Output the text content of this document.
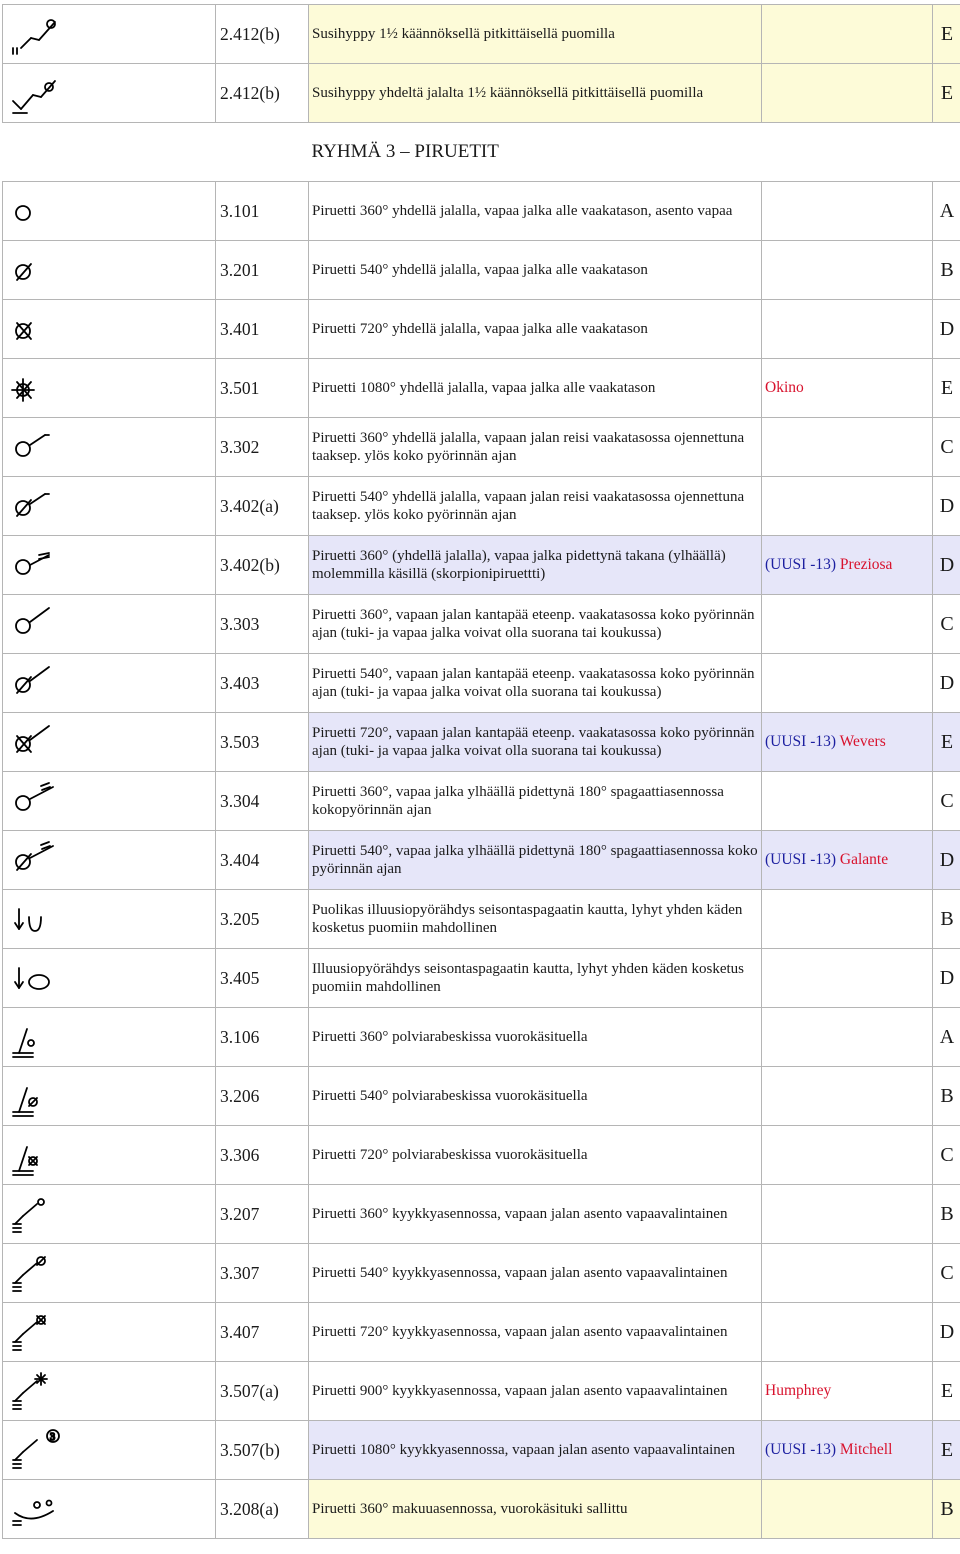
	2.412(b)	Susihyppy 1½ käännöksellä pitkittäisellä puomilla		E

	2.412(b)	Susihyppy yhdeltä jalalta 1½ käännöksellä pitkittäisellä puomilla		E
		RYHMÄ 3 – PIRUETIT		

	3.101	Piruetti 360° yhdellä jalalla, vapaa jalka alle vaakatason, asento vapaa		A

	3.201	Piruetti 540° yhdellä jalalla, vapaa jalka alle vaakatason		B

	3.401	Piruetti 720° yhdellä jalalla, vapaa jalka alle vaakatason		D

	3.501	Piruetti 1080° yhdellä jalalla, vapaa jalka alle vaakatason	Okino	E

	3.302	Piruetti 360° yhdellä jalalla, vapaan jalan reisi vaakatasossa ojennettuna taaksep. ylös koko pyörinnän ajan		C

	3.402(a)	Piruetti 540° yhdellä jalalla, vapaan jalan reisi vaakatasossa ojennettuna taaksep. ylös koko pyörinnän ajan		D

	3.402(b)	Piruetti 360° (yhdellä jalalla), vapaa jalka pidettynä takana (ylhäällä) molemmilla käsillä (skorpionipiruettti)	(UUSI -13) Preziosa	D

	3.303	Piruetti 360°, vapaan jalan kantapää eteenp. vaakatasossa koko pyörinnän ajan (tuki- ja vapaa jalka voivat olla suorana tai koukussa)		C

	3.403	Piruetti 540°, vapaan jalan kantapää eteenp. vaakatasossa koko pyörinnän ajan (tuki- ja vapaa jalka voivat olla suorana tai koukussa)		D

	3.503	Piruetti 720°, vapaan jalan kantapää eteenp. vaakatasossa koko pyörinnän ajan (tuki- ja vapaa jalka voivat olla suorana tai koukussa)	(UUSI -13) Wevers	E

	3.304	Piruetti 360°, vapaa jalka ylhäällä pidettynä 180° spagaattiasennossa kokopyörinnän ajan		C

	3.404	Piruetti 540°, vapaa jalka ylhäällä pidettynä 180° spagaattiasennossa koko pyörinnän ajan	(UUSI -13) Galante	D

	3.205	Puolikas illuusiopyörähdys seisontaspagaatin kautta, lyhyt yhden käden kosketus puomiin mahdollinen		B

	3.405	Illuusiopyörähdys seisontaspagaatin kautta, lyhyt yhden käden kosketus puomiin mahdollinen		D

	3.106	Piruetti 360° polviarabeskissa vuorokäsituella		A

	3.206	Piruetti 540° polviarabeskissa vuorokäsituella		B

	3.306	Piruetti 720° polviarabeskissa vuorokäsituella		C

	3.207	Piruetti 360° kyykkyasennossa, vapaan jalan asento vapaavalintainen		B

	3.307	Piruetti 540° kyykkyasennossa, vapaan jalan asento vapaavalintainen		C

	3.407	Piruetti 720° kyykkyasennossa, vapaan jalan asento vapaavalintainen		D

	3.507(a)	Piruetti 900° kyykkyasennossa, vapaan jalan asento vapaavalintainen	Humphrey	E

3	3.507(b)	Piruetti 1080° kyykkyasennossa, vapaan jalan asento vapaavalintainen	(UUSI -13) Mitchell	E

	3.208(a)	Piruetti 360° makuuasennossa, vuorokäsituki sallittu		B
